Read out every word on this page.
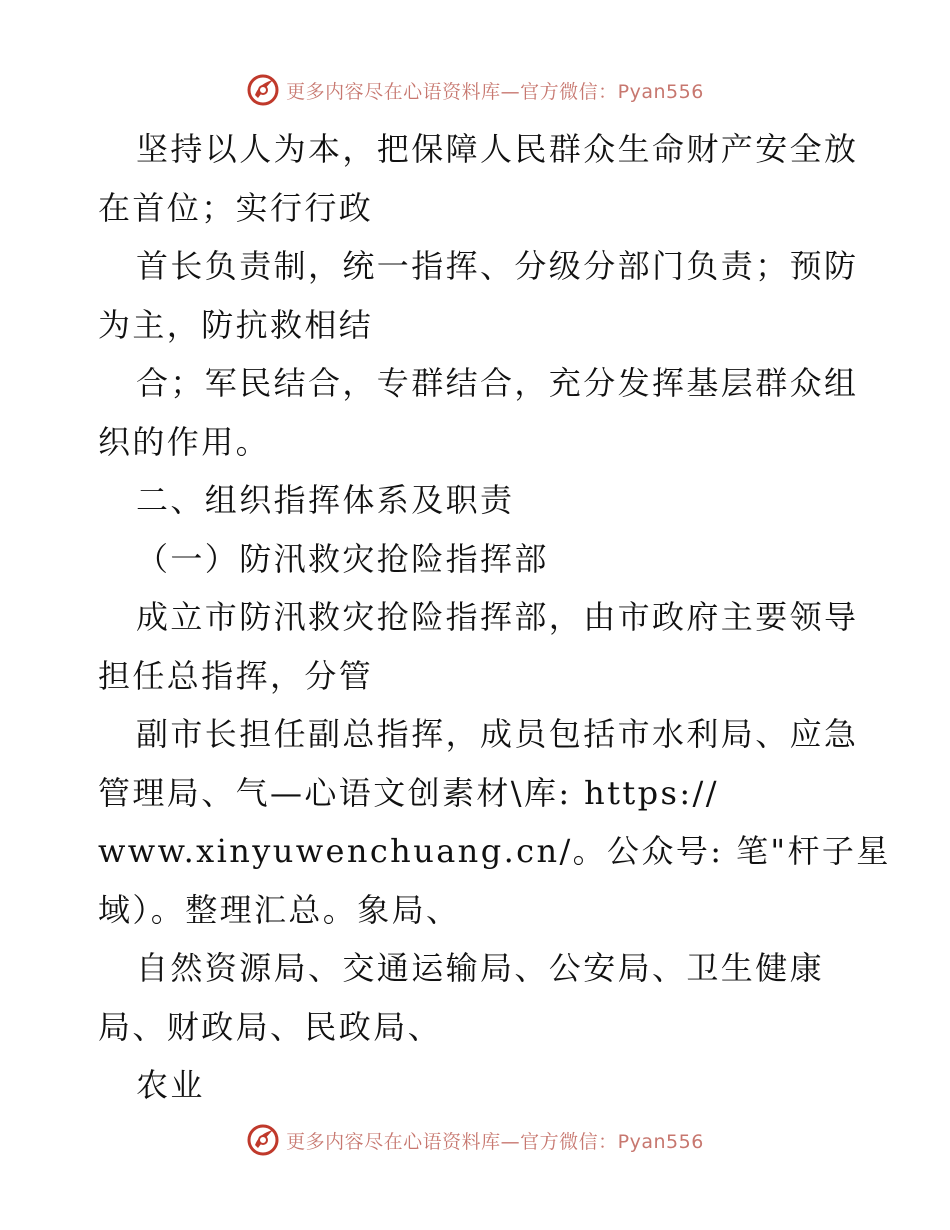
更多内容尽在心语资料库—官方微信：Pyan556
坚持以人为本，把保障人民群众生命财产安全放
在首位；实行行政
首长负责制，统一指挥、分级分部门负责；预防
为主，防抗救相结
合；军民结合，专群结合，充分发挥基层群众组
织的作用。
二、组织指挥体系及职责
（一）防汛救灾抢险指挥部
成立市防汛救灾抢险指挥部，由市政府主要领导
担任总指挥，分管
副市长担任副总指挥，成员包括市水利局、应急
管理局、气—心语文创素材\库: https://
www.xinyuwenchuang.cn/。公众号: 笔"杆子星
域）。整理汇总。象局、
自然资源局、交通运输局、公安局、卫生健康
局、财政局、民政局、
农业
更多内容尽在心语资料库—官方微信：Pyan556
